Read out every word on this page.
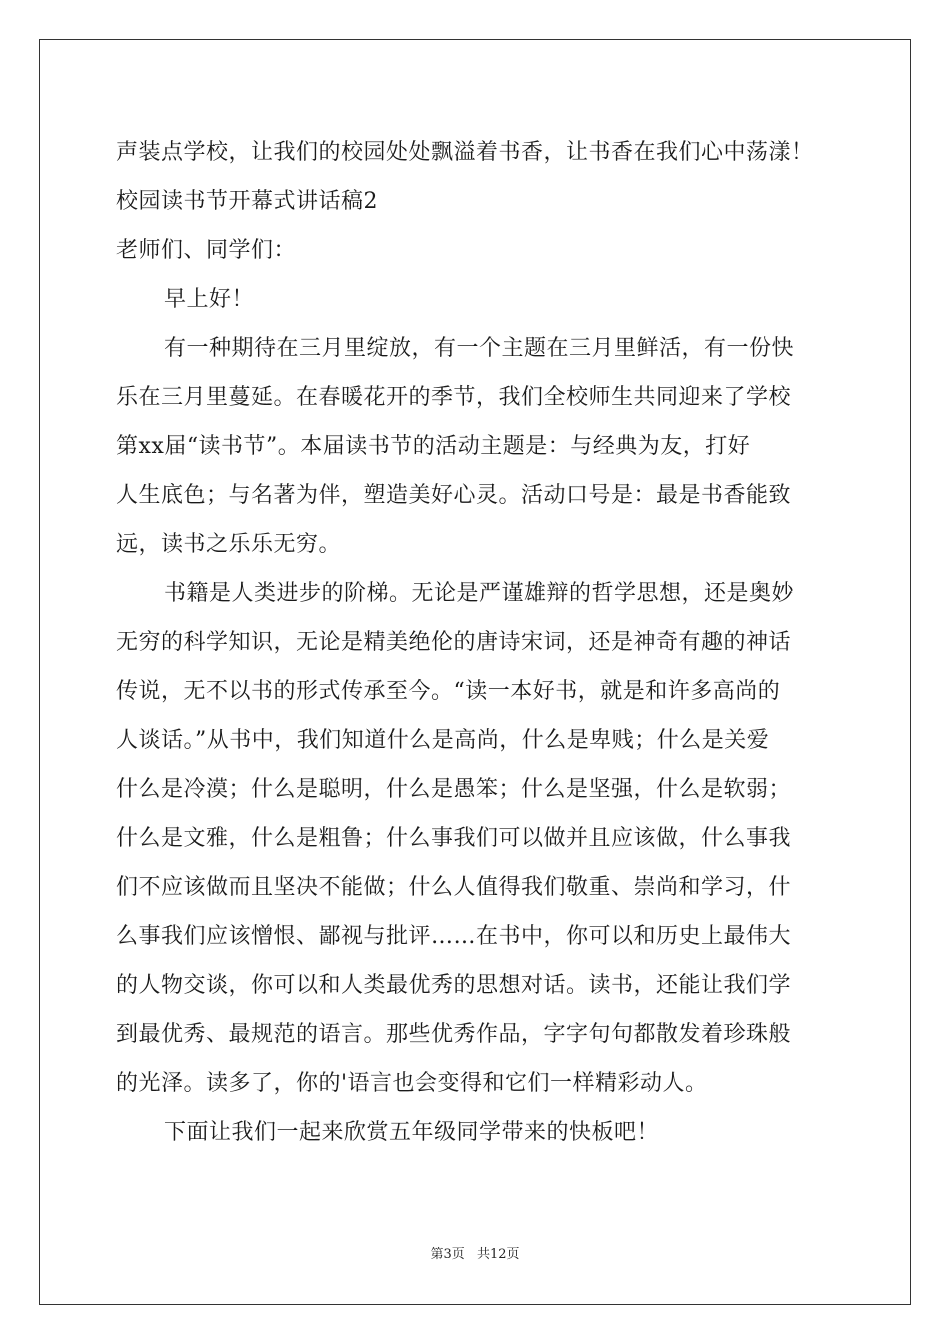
声装点学校，让我们的校园处处飘溢着书香，让书香在我们心中荡漾！
校园读书节开幕式讲话稿2
老师们、同学们：
早上好！
有一种期待在三月里绽放，有一个主题在三月里鲜活，有一份快
乐在三月里蔓延。在春暖花开的季节，我们全校师生共同迎来了学校
第xx届“读书节”。本届读书节的活动主题是：与经典为友，打好
人生底色；与名著为伴，塑造美好心灵。活动口号是：最是书香能致
远，读书之乐乐无穷。
书籍是人类进步的阶梯。无论是严谨雄辩的哲学思想，还是奥妙
无穷的科学知识，无论是精美绝伦的唐诗宋词，还是神奇有趣的神话
传说，无不以书的形式传承至今。“读一本好书，就是和许多高尚的
人谈话。”从书中，我们知道什么是高尚，什么是卑贱；什么是关爱
什么是冷漠；什么是聪明，什么是愚笨；什么是坚强，什么是软弱；
什么是文雅，什么是粗鲁；什么事我们可以做并且应该做，什么事我
们不应该做而且坚决不能做；什么人值得我们敬重、崇尚和学习，什
么事我们应该憎恨、鄙视与批评……在书中，你可以和历史上最伟大
的人物交谈，你可以和人类最优秀的思想对话。读书，还能让我们学
到最优秀、最规范的语言。那些优秀作品，字字句句都散发着珍珠般
的光泽。读多了，你的'语言也会变得和它们一样精彩动人。
下面让我们一起来欣赏五年级同学带来的快板吧！
第3页 共12页
